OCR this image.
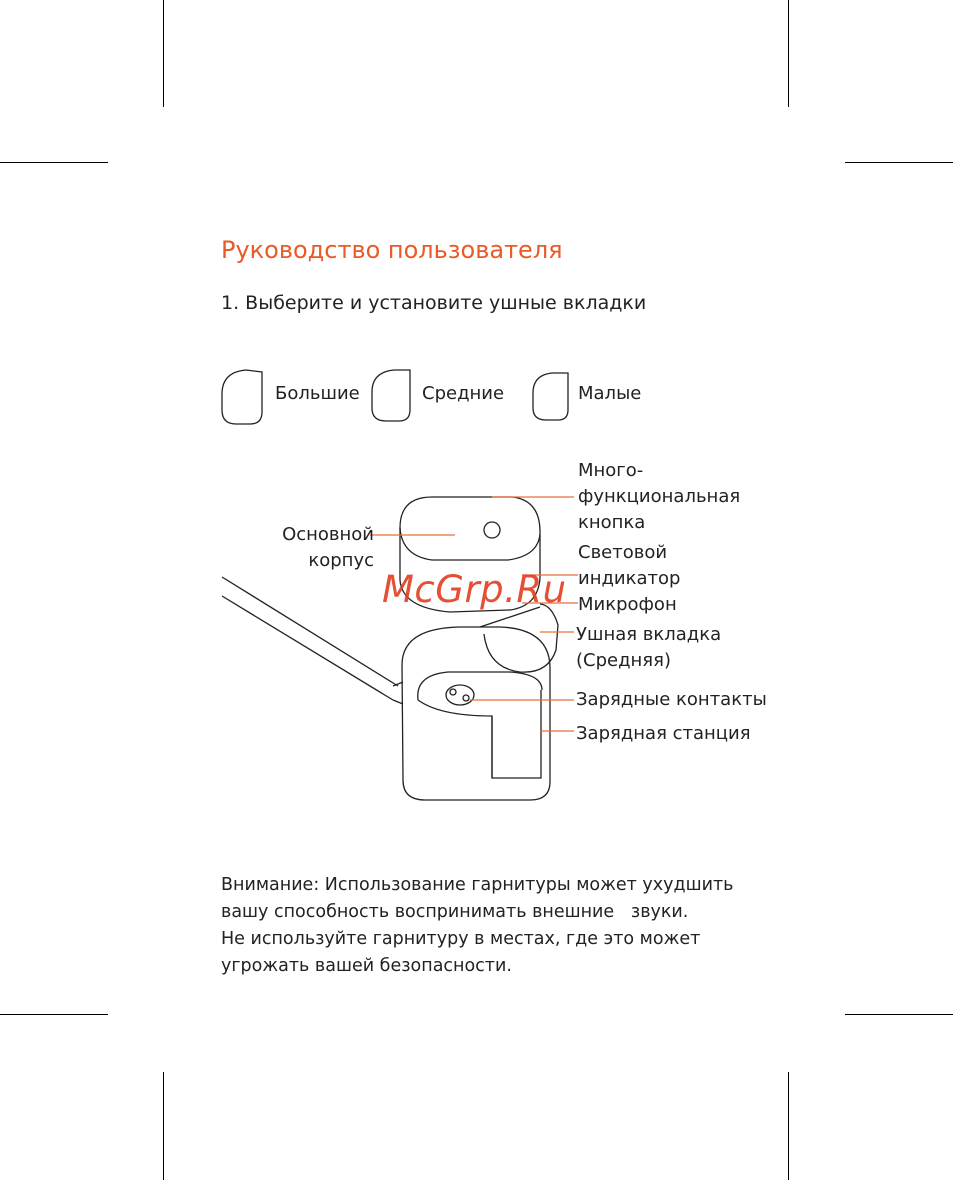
Руководство пользователя
1. Выберите и установите ушные вкладки
Большие	Средние	Малые
Много-
функциональная
кнопка
Основной
корпус	Световой
индикатор
Микрофон
Ушная вкладка
(Средняя)
Зарядные контакты
Зарядная станция
McGrp.Ru
Внимание: Использование гарнитуры может ухудшить
вашу способность воспринимать внешние   звуки.
Не используйте гарнитуру в местах, где это может
угрожать вашей безопасности.
